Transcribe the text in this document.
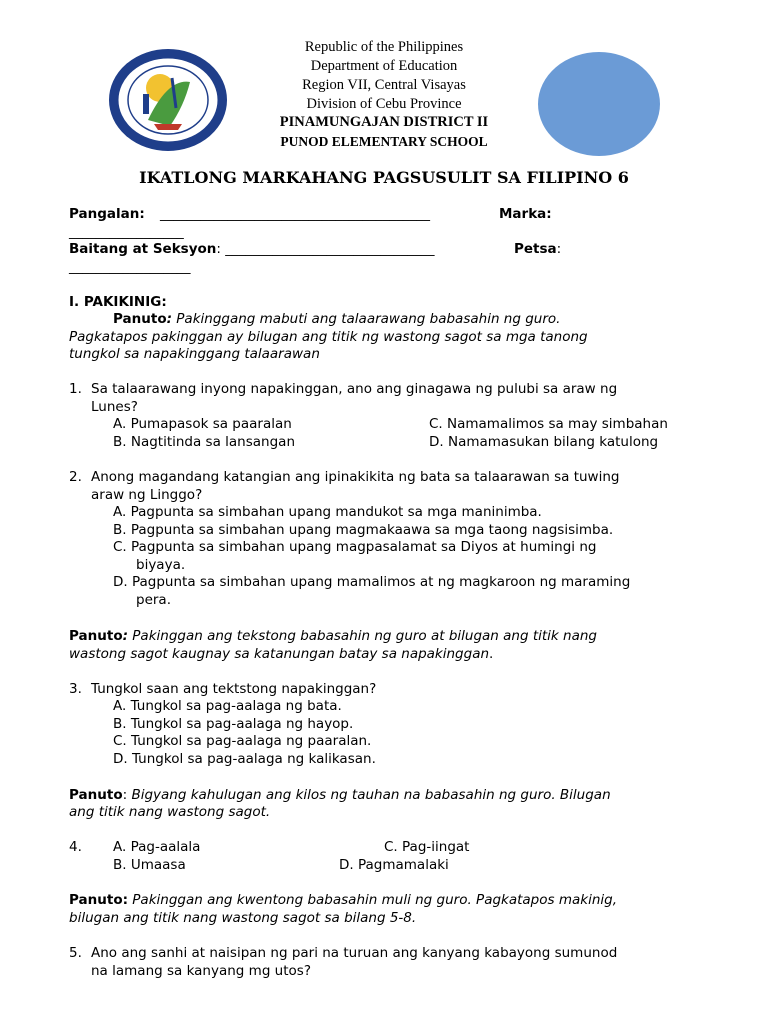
Republic of the Philippines
Department of Education
Region VII, Central Visayas
Division of Cebu Province
PINAMUNGAJAN DISTRICT II
PUNOD ELEMENTARY SCHOOL
IKATLONG MARKAHANG PAGSUSULIT SA FILIPINO 6
Pangalan: ________________________________________	Marka:
_________________
Baitang at Seksyon: _______________________________	Petsa:
__________________
I. PAKIKINIG:
Panuto: Pakinggang mabuti ang talaarawang babasahin ng guro.
Pagkatapos pakinggan ay bilugan ang titik ng wastong sagot sa mga tanong
tungkol sa napakinggang talaarawan
1. Sa talaarawang inyong napakinggan, ano ang ginagawa ng pulubi sa araw ng
Lunes?
A. Pumapasok sa paaralan	C. Namamalimos sa may simbahan
B. Nagtitinda sa lansangan	D. Namamasukan bilang katulong
2. Anong magandang katangian ang ipinakikita ng bata sa talaarawan sa tuwing
araw ng Linggo?
A. Pagpunta sa simbahan upang mandukot sa mga maninimba.
B. Pagpunta sa simbahan upang magmakaawa sa mga taong nagsisimba.
C. Pagpunta sa simbahan upang magpasalamat sa Diyos at humingi ng
biyaya.
D. Pagpunta sa simbahan upang mamalimos at ng magkaroon ng maraming
pera.
Panuto: Pakinggan ang tekstong babasahin ng guro at bilugan ang titik nang
wastong sagot kaugnay sa katanungan batay sa napakinggan.
3. Tungkol saan ang tektstong napakinggan?
A. Tungkol sa pag-aalaga ng bata.
B. Tungkol sa pag-aalaga ng hayop.
C. Tungkol sa pag-aalaga ng paaralan.
D. Tungkol sa pag-aalaga ng kalikasan.
Panuto: Bigyang kahulugan ang kilos ng tauhan na babasahin ng guro. Bilugan
ang titik nang wastong sagot.
4. A. Pag-aalala	C. Pag-iingat
B. Umaasa	D. Pagmamalaki
Panuto: Pakinggan ang kwentong babasahin muli ng guro. Pagkatapos makinig,
bilugan ang titik nang wastong sagot sa bilang 5-8.
5. Ano ang sanhi at naisipan ng pari na turuan ang kanyang kabayong sumunod
na lamang sa kanyang mg utos?
